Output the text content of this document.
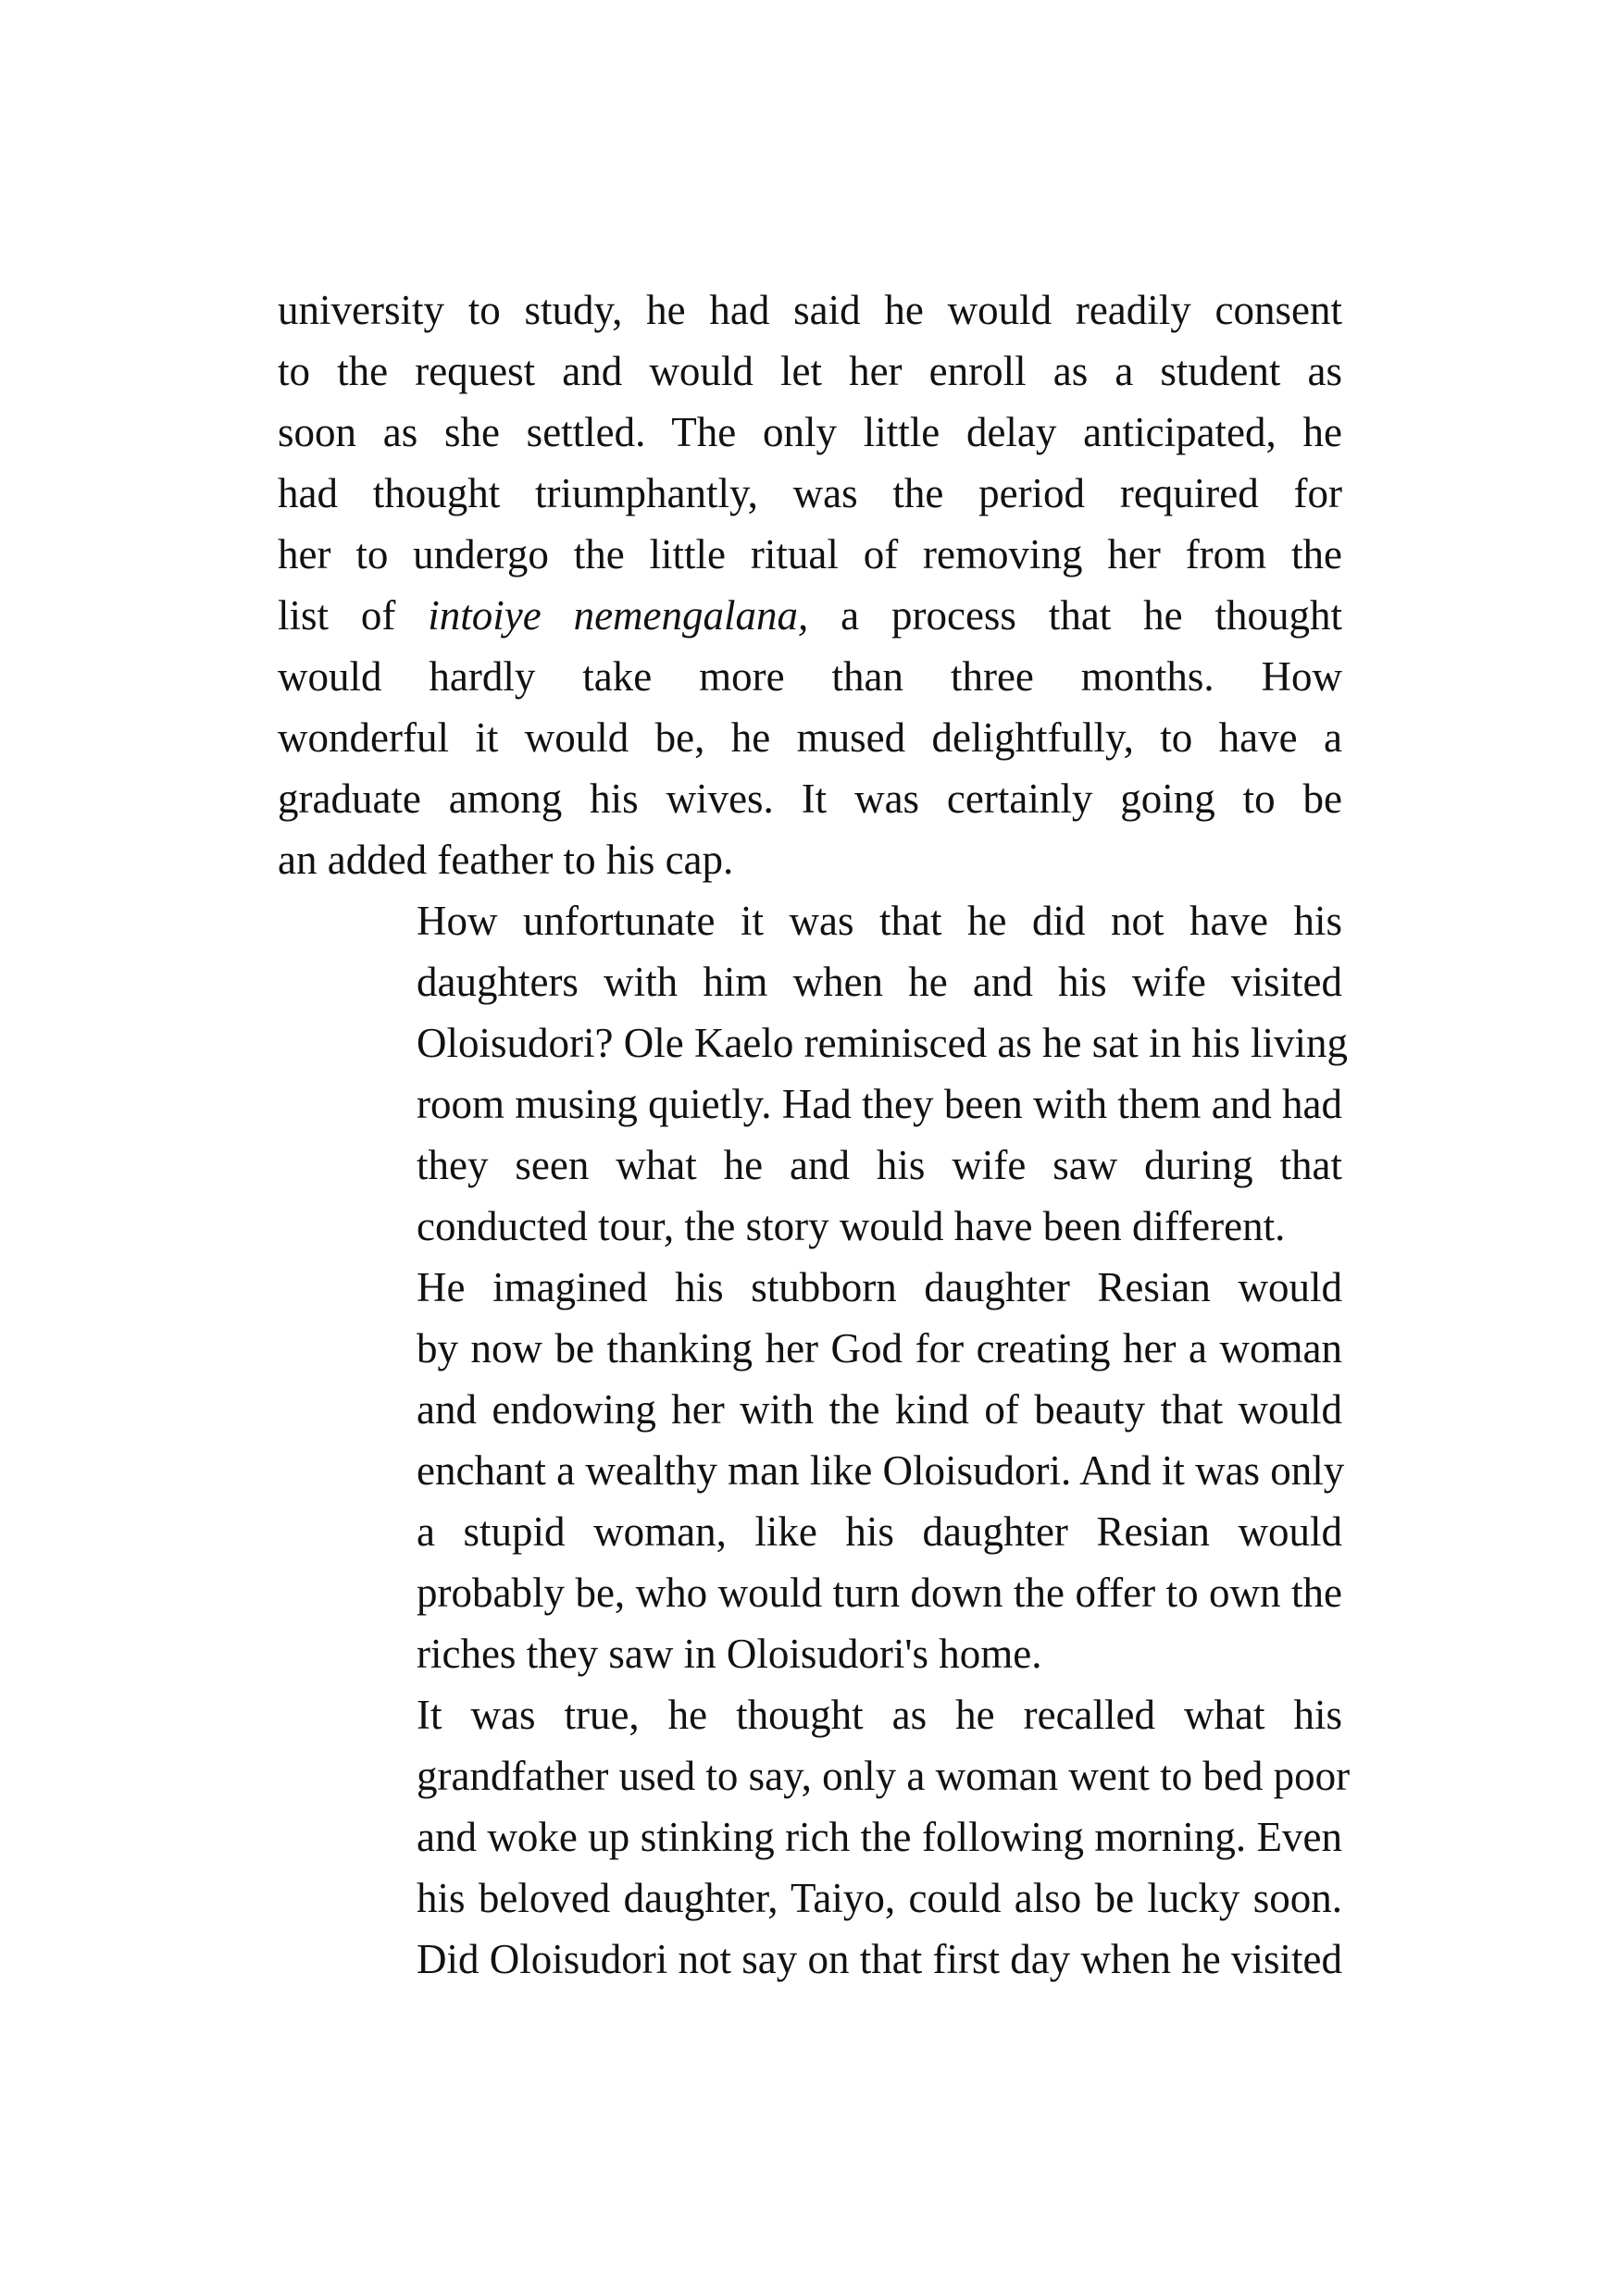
university to study, he had said he would readily consent
to the request and would let her enroll as a student as
soon as she settled. The only little delay anticipated, he
had thought triumphantly, was the period required for
her to undergo the little ritual of removing her from the
list of intoiye nemengalana, a process that he thought
would hardly take more than three months. How
wonderful it would be, he mused delightfully, to have a
graduate among his wives. It was certainly going to be
an added feather to his cap.

How unfortunate it was that he did not have his
daughters with him when he and his wife visited
Oloisudori? Ole Kaelo reminisced as he sat in his living
room musing quietly. Had they been with them and had
they seen what he and his wife saw during that
conducted tour, the story would have been different.

He imagined his stubborn daughter Resian would
by now be thanking her God for creating her a woman
and endowing her with the kind of beauty that would
enchant a wealthy man like Oloisudori. And it was only
a stupid woman, like his daughter Resian would
probably be, who would turn down the offer to own the
riches they saw in Oloisudori's home.

It was true, he thought as he recalled what his
grandfather used to say, only a woman went to bed poor
and woke up stinking rich the following morning. Even
his beloved daughter, Taiyo, could also be lucky soon.
Did Oloisudori not say on that first day when he visited
